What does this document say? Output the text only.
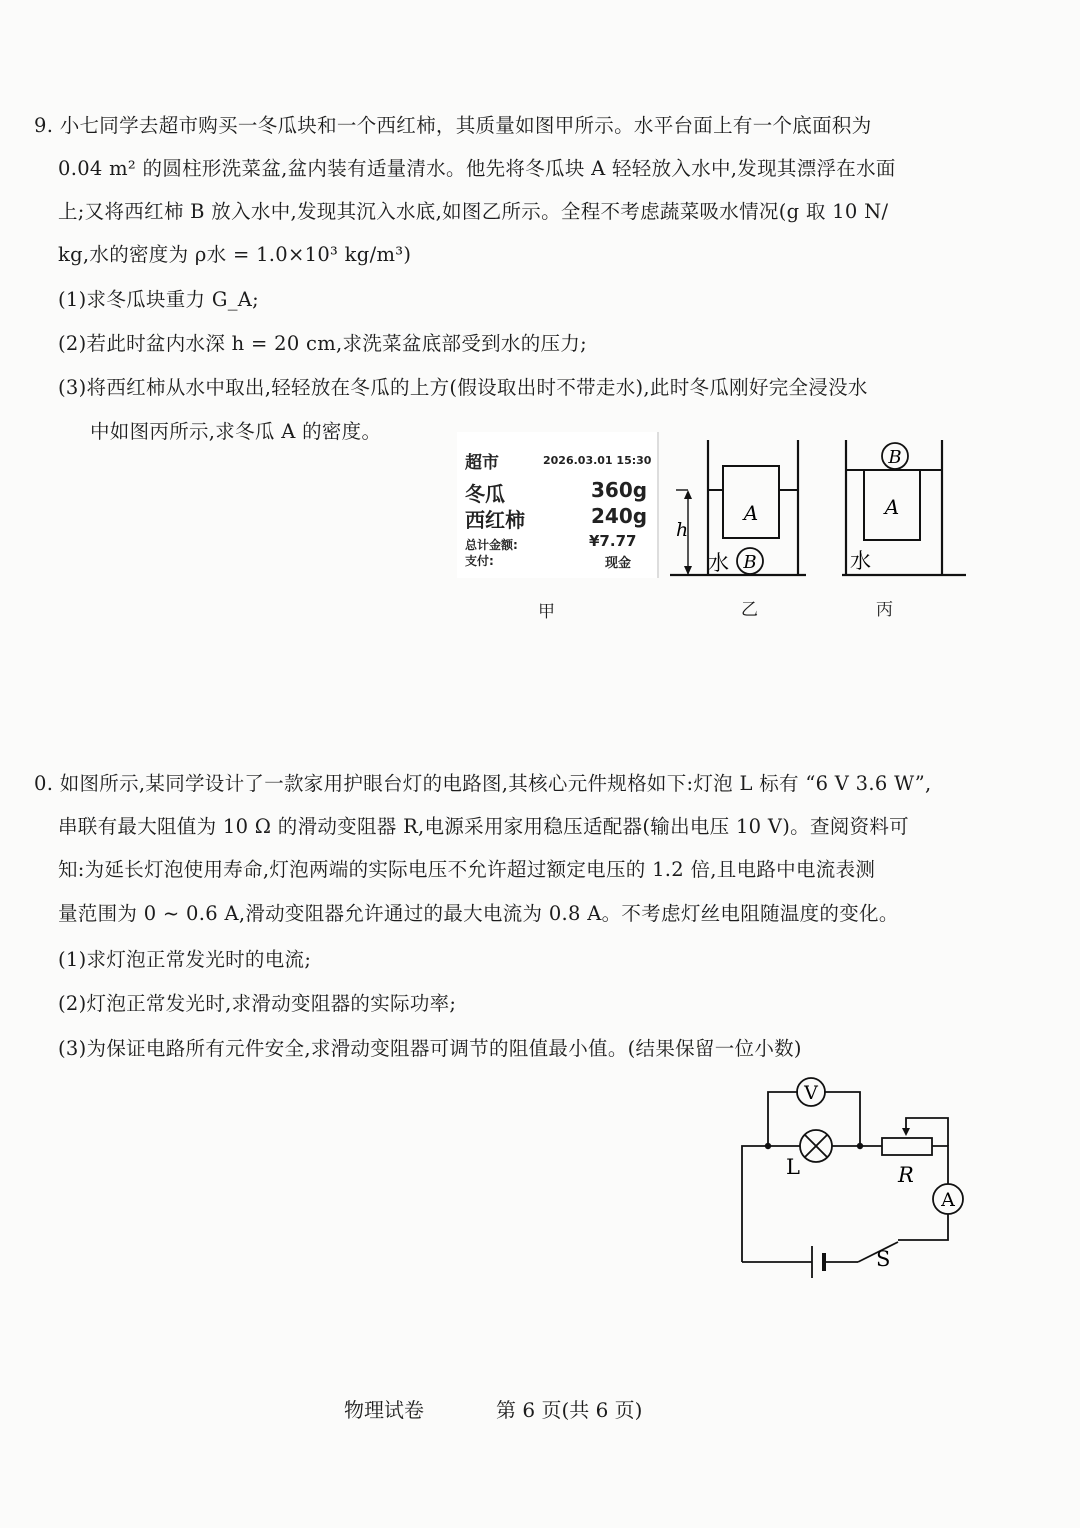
9. 小七同学去超市购买一冬瓜块和一个西红柿，其质量如图甲所示。水平台面上有一个底面积为
0.04 m² 的圆柱形洗菜盆,盆内装有适量清水。他先将冬瓜块 A 轻轻放入水中,发现其漂浮在水面
上;又将西红柿 B 放入水中,发现其沉入水底,如图乙所示。全程不考虑蔬菜吸水情况(g 取 10 N/
kg,水的密度为 ρ水 = 1.0×10³ kg/m³)
(1)求冬瓜块重力 G_A;
(2)若此时盆内水深 h = 20 cm,求洗菜盆底部受到水的压力;
(3)将西红柿从水中取出,轻轻放在冬瓜的上方(假设取出时不带走水),此时冬瓜刚好完全浸没水
中如图丙所示,求冬瓜 A 的密度。
超市	2026.03.01 15:30
冬瓜	360g
西红柿	240g
总计金额:	¥7.77
支付:	现金
A
h
水 B
A
B
水
甲	乙	丙
0. 如图所示,某同学设计了一款家用护眼台灯的电路图,其核心元件规格如下:灯泡 L 标有 “6 V 3.6 W”,
串联有最大阻值为 10 Ω 的滑动变阻器 R,电源采用家用稳压适配器(输出电压 10 V)。查阅资料可
知:为延长灯泡使用寿命,灯泡两端的实际电压不允许超过额定电压的 1.2 倍,且电路中电流表测
量范围为 0 ~ 0.6 A,滑动变阻器允许通过的最大电流为 0.8 A。不考虑灯丝电阻随温度的变化。
(1)求灯泡正常发光时的电流;
(2)灯泡正常发光时,求滑动变阻器的实际功率;
(3)为保证电路所有元件安全,求滑动变阻器可调节的阻值最小值。(结果保留一位小数)
V
A
L	R
S
物理试卷	第 6 页(共 6 页)
